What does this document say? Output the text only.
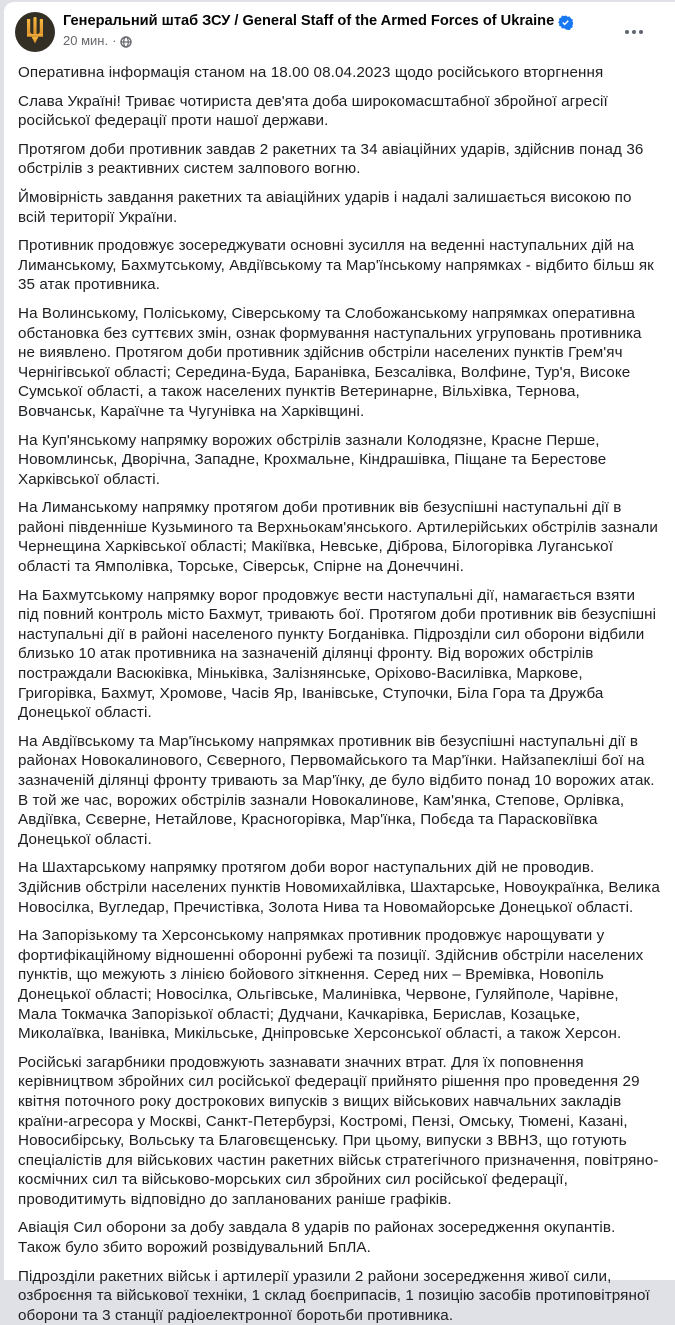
Генеральний штаб ЗСУ / General Staff of the Armed Forces of Ukraine
20 мин. ·

Оперативна інформація станом на 18.00 08.04.2023 щодо російського вторгнення

Слава Україні! Триває чотириста дев'ята доба широкомасштабної збройної агресії російської федерації проти нашої держави.

Протягом доби противник завдав 2 ракетних та 34 авіаційних ударів, здійснив понад 36 обстрілів з реактивних систем залпового вогню.

Ймовірність завдання ракетних та авіаційних ударів і надалі залишається високою по всій території України.

Противник продовжує зосереджувати основні зусилля на веденні наступальних дій на Лиманському, Бахмутському, Авдіївському та Мар'їнському напрямках - відбито більш як 35 атак противника.

На Волинському, Поліському, Сіверському та Слобожанському напрямках оперативна обстановка без суттєвих змін, ознак формування наступальних угруповань противника не виявлено. Протягом доби противник здійснив обстріли населених пунктів Грем'яч Чернігівської області; Середина-Буда, Баранівка, Безсалівка, Волфине, Тур'я, Високе Сумської області, а також населених пунктів Ветеринарне, Вільхівка, Тернова, Вовчанськ, Караїчне та Чугунівка на Харківщині.

На Куп'янському напрямку ворожих обстрілів зазнали Колодязне, Красне Перше, Новомлинськ, Дворічна, Западне, Крохмальне, Кіндрашівка, Піщане та Берестове Харківської області.

На Лиманському напрямку протягом доби противник вів безуспішні наступальні дії в районі південніше Кузьминого та Верхньокам'янського. Артилерійських обстрілів зазнали Чернещина Харківської області; Макіївка, Невське, Діброва, Білогорівка Луганської області та Ямполівка, Торське, Сіверськ, Спірне на Донеччині.

На Бахмутському напрямку ворог продовжує вести наступальні дії, намагається взяти під повний контроль місто Бахмут, тривають бої. Протягом доби противник вів безуспішні наступальні дії в районі населеного пункту Богданівка. Підрозділи сил оборони відбили близько 10 атак противника на зазначеній ділянці фронту. Від ворожих обстрілів постраждали Васюківка, Міньківка, Залізнянське, Оріхово-Василівка, Маркове, Григорівка, Бахмут, Хромове, Часів Яр, Іванівське, Ступочки, Біла Гора та Дружба Донецької області.

На Авдіївському та Мар'їнському напрямках противник вів безуспішні наступальні дії в районах Новокалинового, Сєверного, Первомайського та Мар'їнки. Найзапекліші бої на зазначеній ділянці фронту тривають за Мар'їнку, де було відбито понад 10 ворожих атак. В той же час, ворожих обстрілів зазнали Новокалинове, Кам'янка, Степове, Орлівка, Авдіївка, Сєверне, Нетайлове, Красногорівка, Мар'їнка, Побєда та Парасковіївка Донецької області.

На Шахтарському напрямку протягом доби ворог наступальних дій не проводив. Здійснив обстріли населених пунктів Новомихайлівка, Шахтарське, Новоукраїнка, Велика Новосілка, Вугледар, Пречистівка, Золота Нива та Новомайорське Донецької області.

На Запорізькому та Херсонському напрямках противник продовжує нарощувати у фортифікаційному відношенні оборонні рубежі та позиції. Здійснив обстріли населених пунктів, що межують з лінією бойового зіткнення. Серед них – Времівка, Новопіль Донецької області; Новосілка, Ольгівське, Малинівка, Червоне, Гуляйполе, Чарівне, Мала Токмачка Запорізької області; Дудчани, Качкарівка, Берислав, Козацьке, Миколаївка, Іванівка, Микільське, Дніпровське Херсонської області, а також Херсон.

Російські загарбники продовжують зазнавати значних втрат. Для їх поповнення керівництвом збройних сил російської федерації прийнято рішення про проведення 29 квітня поточного року дострокових випусків з вищих військових навчальних закладів країни-агресора у Москві, Санкт-Петербурзі, Костромі, Пензі, Омську, Тюмені, Казані, Новосибірську, Вольську та Благовєщенську. При цьому, випуски з ВВНЗ, що готують спеціалістів для військових частин ракетних військ стратегічного призначення, повітряно-космічних сил та військово-морських сил збройних сил російської федерації, проводитимуть відповідно до запланованих раніше графіків.

Авіація Сил оборони за добу завдала 8 ударів по районах зосередження окупантів. Також було збито ворожий розвідувальний БпЛА.

Підрозділи ракетних військ і артилерії уразили 2 райони зосередження живої сили, озброєння та військової техніки, 1 склад боєприпасів, 1 позицію засобів протиповітряної оборони та 3 станції радіоелектронної боротьби противника.
